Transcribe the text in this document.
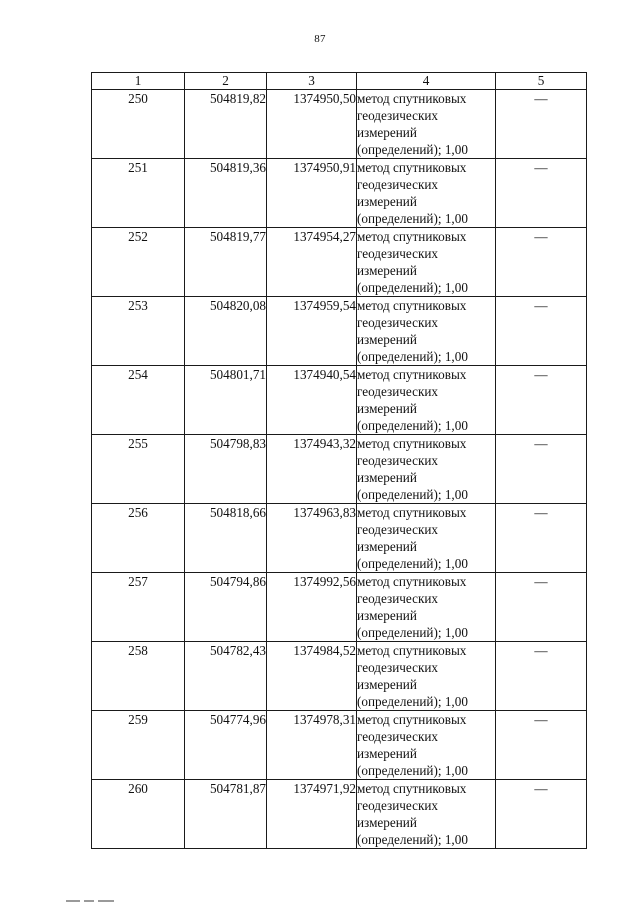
87
1	2	3	4	5
250	504819,82	1374950,50	метод спутниковых
геодезических
измерений
(определений); 1,00	—
251	504819,36	1374950,91	метод спутниковых
геодезических
измерений
(определений); 1,00	—
252	504819,77	1374954,27	метод спутниковых
геодезических
измерений
(определений); 1,00	—
253	504820,08	1374959,54	метод спутниковых
геодезических
измерений
(определений); 1,00	—
254	504801,71	1374940,54	метод спутниковых
геодезических
измерений
(определений); 1,00	—
255	504798,83	1374943,32	метод спутниковых
геодезических
измерений
(определений); 1,00	—
256	504818,66	1374963,83	метод спутниковых
геодезических
измерений
(определений); 1,00	—
257	504794,86	1374992,56	метод спутниковых
геодезических
измерений
(определений); 1,00	—
258	504782,43	1374984,52	метод спутниковых
геодезических
измерений
(определений); 1,00	—
259	504774,96	1374978,31	метод спутниковых
геодезических
измерений
(определений); 1,00	—
260	504781,87	1374971,92	метод спутниковых
геодезических
измерений
(определений); 1,00	—
